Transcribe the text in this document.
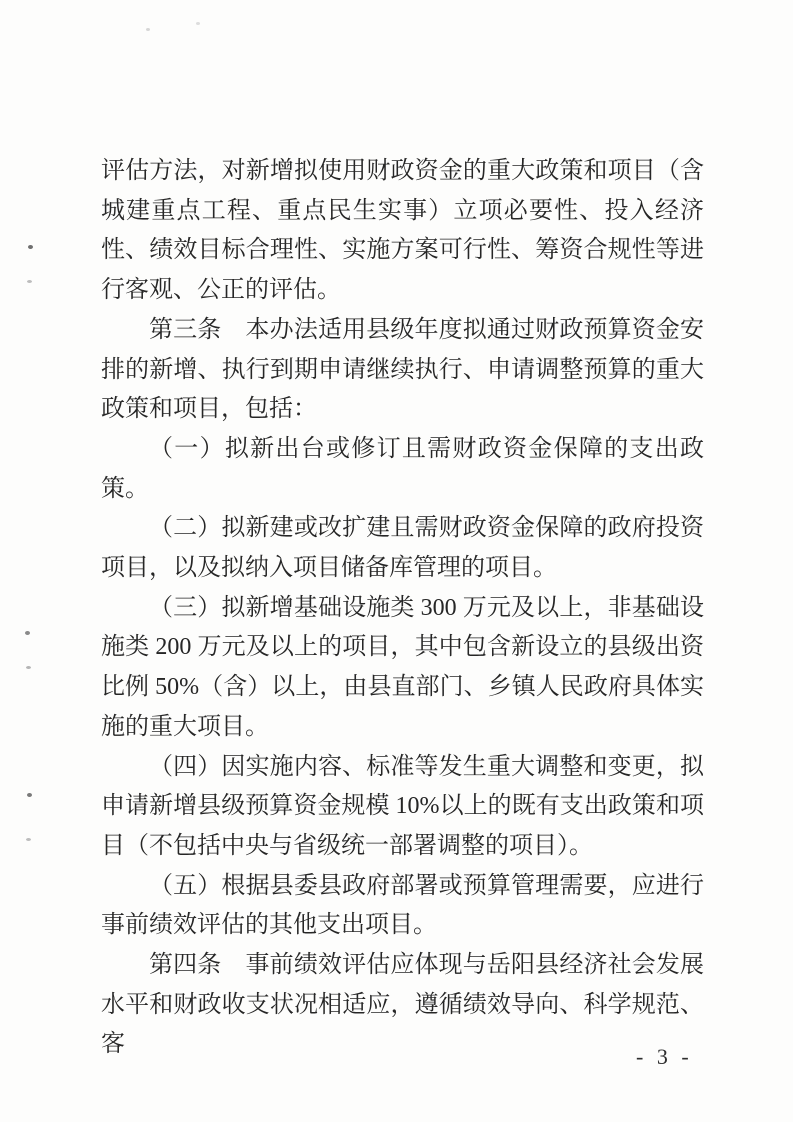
评估方法，对新增拟使用财政资金的重大政策和项目（含城建重点工程、重点民生实事）立项必要性、投入经济性、绩效目标合理性、实施方案可行性、筹资合规性等进行客观、公正的评估。

第三条　本办法适用县级年度拟通过财政预算资金安排的新增、执行到期申请继续执行、申请调整预算的重大政策和项目，包括：

（一）拟新出台或修订且需财政资金保障的支出政策。

（二）拟新建或改扩建且需财政资金保障的政府投资项目，以及拟纳入项目储备库管理的项目。

（三）拟新增基础设施类 300 万元及以上，非基础设施类 200 万元及以上的项目，其中包含新设立的县级出资比例 50%（含）以上，由县直部门、乡镇人民政府具体实施的重大项目。

（四）因实施内容、标准等发生重大调整和变更，拟申请新增县级预算资金规模 10%以上的既有支出政策和项目（不包括中央与省级统一部署调整的项目）。

（五）根据县委县政府部署或预算管理需要，应进行事前绩效评估的其他支出项目。

第四条　事前绩效评估应体现与岳阳县经济社会发展水平和财政收支状况相适应，遵循绩效导向、科学规范、客	- 3 -
